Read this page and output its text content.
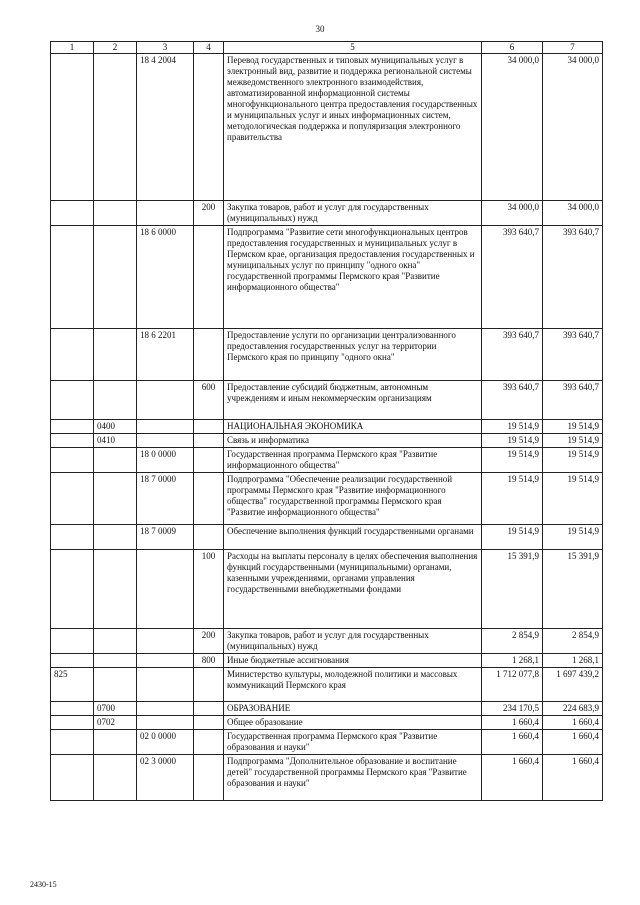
30
1	2	3	4	5	6	7
		18 4 2004		Перевод государственных и типовых муниципальных услуг в электронный вид, развитие и поддержка региональной системы межведомственного электронного взаимодействия, автоматизированной информационной системы многофункционального центра предоставления государственных и муниципальных услуг и иных информационных систем, методологическая поддержка и популяризация электронного правительства	34 000,0	34 000,0
			200	Закупка товаров, работ и услуг для государственных (муниципальных) нужд	34 000,0	34 000,0
		18 6 0000		Подпрограмма "Развитие сети многофункциональных центров предоставления государственных и муниципальных услуг в Пермском крае, организация предоставления государственных и муниципальных услуг по принципу "одного окна" государственной программы Пермского края "Развитие информационного общества"	393 640,7	393 640,7
		18 6 2201		Предоставление услуги по организации централизованного предоставления государственных услуг на территории Пермского края по принципу "одного окна"	393 640,7	393 640,7
			600	Предоставление субсидий бюджетным, автономным учреждениям и иным некоммерческим организациям	393 640,7	393 640,7
	0400			НАЦИОНАЛЬНАЯ ЭКОНОМИКА	19 514,9	19 514,9
	0410			Связь и информатика	19 514,9	19 514,9
		18 0 0000		Государственная программа Пермского края "Развитие информационного общества"	19 514,9	19 514,9
		18 7 0000		Подпрограмма "Обеспечение реализации государственной программы Пермского края "Развитие информационного общества" государственной программы Пермского края "Развитие информационного общества"	19 514,9	19 514,9
		18 7 0009		Обеспечение выполнения функций государственными органами	19 514,9	19 514,9
			100	Расходы на выплаты персоналу в целях обеспечения выполнения функций государственными (муниципальными) органами, казенными учреждениями, органами управления государственными внебюджетными фондами	15 391,9	15 391,9
			200	Закупка товаров, работ и услуг для государственных (муниципальных) нужд	2 854,9	2 854,9
			800	Иные бюджетные ассигнования	1 268,1	1 268,1
825				Министерство культуры, молодежной политики и массовых коммуникаций Пермского края	1 712 077,8	1 697 439,2
	0700			ОБРАЗОВАНИЕ	234 170,5	224 683,9
	0702			Общее образование	1 660,4	1 660,4
		02 0 0000		Государственная программа Пермского края "Развитие образования и науки"	1 660,4	1 660,4
		02 3 0000		Подпрограмма "Дополнительное образование и воспитание детей" государственной программы Пермского края "Развитие образования и науки"	1 660,4	1 660,4
2430-15
